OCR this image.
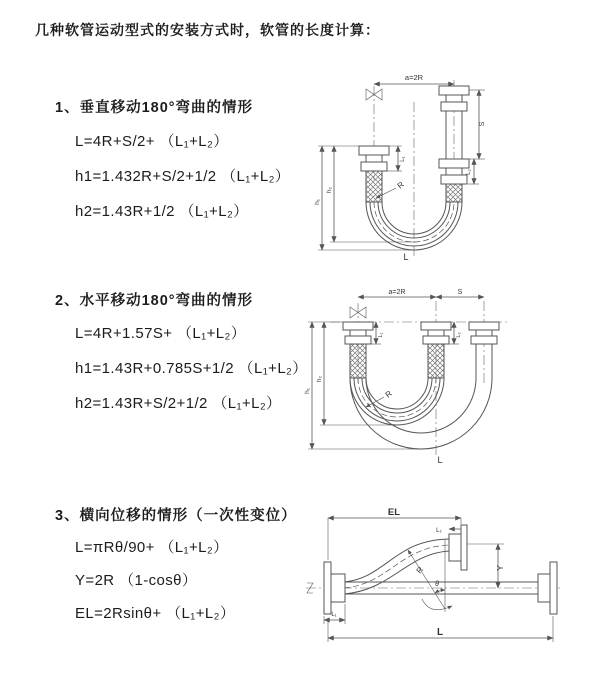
几种软管运动型式的安装方式时，软管的长度计算：
1、垂直移动180°弯曲的情形
L=4R+S/2+ （L₁+L₂）
h1=1.432R+S/2+1/2 （L₁+L₂）
h2=1.43R+1/2 （L₁+L₂）
2、水平移动180°弯曲的情形
L=4R+1.57S+ （L₁+L₂）
h1=1.43R+0.785S+1/2 （L₁+L₂）
h2=1.43R+S/2+1/2 （L₁+L₂）
3、横向位移的情形（一次性变位）
L=πRθ/90+ （L₁+L₂）
Y=2R （1-cosθ）
EL=2Rsinθ+ （L₁+L₂）
a=2R
R
h₁
h₂
L₁
S
L₂
L
a=2R	S
R
h₁
h₂
L₁	L₂
L
EL
L₂
Y
θ
R
L₁
L
